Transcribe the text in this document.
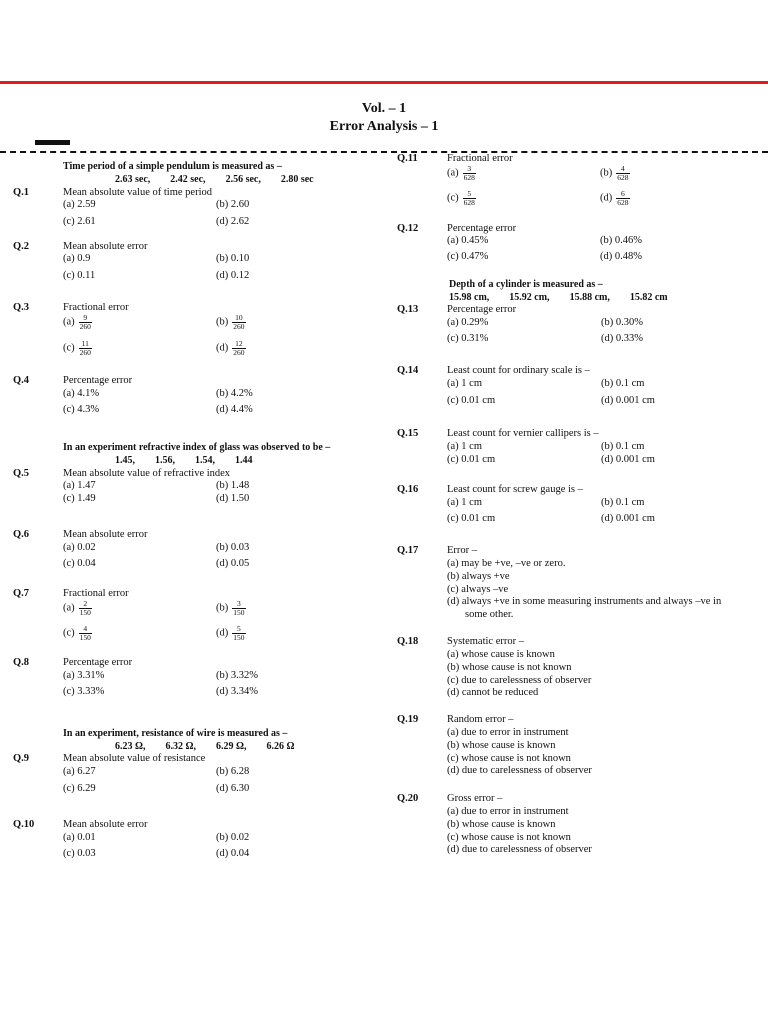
Vol. – 1
Error Analysis – 1
Time period of a simple pendulum is measured as –
2.63 sec, 2.42 sec, 2.56 sec, 2.80 sec
Q.1	Mean absolute value of time period
(a) 2.59	(b) 2.60
(c) 2.61	(d) 2.62
Q.2	Mean absolute error
(a) 0.9	(b) 0.10
(c) 0.11	(d) 0.12
Q.3	Fractional error
$(a) \frac{9}{260}$	$(b) \frac{10}{260}$
$(c) \frac{11}{260}$	$(d) \frac{12}{260}$
Q.4	Percentage error
(a) 4.1%	(b) 4.2%
(c) 4.3%	(d) 4.4%
In an experiment refractive index of glass was observed to be –
1.45, 1.56, 1.54, 1.44
Q.5	Mean absolute value of refractive index
(a) 1.47	(b) 1.48
(c) 1.49	(d) 1.50
Q.6	Mean absolute error
(a) 0.02	(b) 0.03
(c) 0.04	(d) 0.05
Q.7	Fractional error
$(a) \frac{2}{150}$	$(b) \frac{3}{150}$
$(c) \frac{4}{150}$	$(d) \frac{5}{150}$
Q.8	Percentage error
(a) 3.31%	(b) 3.32%
(c) 3.33%	(d) 3.34%
In an experiment, resistance of wire is measured as –
6.23 Ω, 6.32 Ω, 6.29 Ω, 6.26 Ω
Q.9	Mean absolute value of resistance
(a) 6.27	(b) 6.28
(c) 6.29	(d) 6.30
Q.10	Mean absolute error
(a) 0.01	(b) 0.02
(c) 0.03	(d) 0.04
Q.11	Fractional error
$(a) \frac{3}{628}$	$(b) \frac{4}{628}$
$(c) \frac{5}{628}$	$(d) \frac{6}{628}$
Q.12	Percentage error
(a) 0.45%	(b) 0.46%
(c) 0.47%	(d) 0.48%
Depth of a cylinder is measured as –
15.98 cm, 15.92 cm, 15.88 cm, 15.82 cm
Q.13	Percentage error
(a) 0.29%	(b) 0.30%
(c) 0.31%	(d) 0.33%
Q.14	Least count for ordinary scale is –
(a) 1 cm	(b) 0.1 cm
(c) 0.01 cm	(d) 0.001 cm
Q.15	Least count for vernier callipers is –
(a) 1 cm	(b) 0.1 cm
(c) 0.01 cm	(d) 0.001 cm
Q.16	Least count for screw gauge is –
(a) 1 cm	(b) 0.1 cm
(c) 0.01 cm	(d) 0.001 cm
Q.17	Error –
(a) may be +ve, –ve or zero.
(b) always +ve
(c) always –ve
(d) always +ve in some measuring instruments and always –ve in
some other.
Q.18	Systematic error –
(a) whose cause is known
(b) whose cause is not known
(c) due to carelessness of observer
(d) cannot be reduced
Q.19	Random error –
(a) due to error in instrument
(b) whose cause is known
(c) whose cause is not known
(d) due to carelessness of observer
Q.20	Gross error –
(a) due to error in instrument
(b) whose cause is known
(c) whose cause is not known
(d) due to carelessness of observer
